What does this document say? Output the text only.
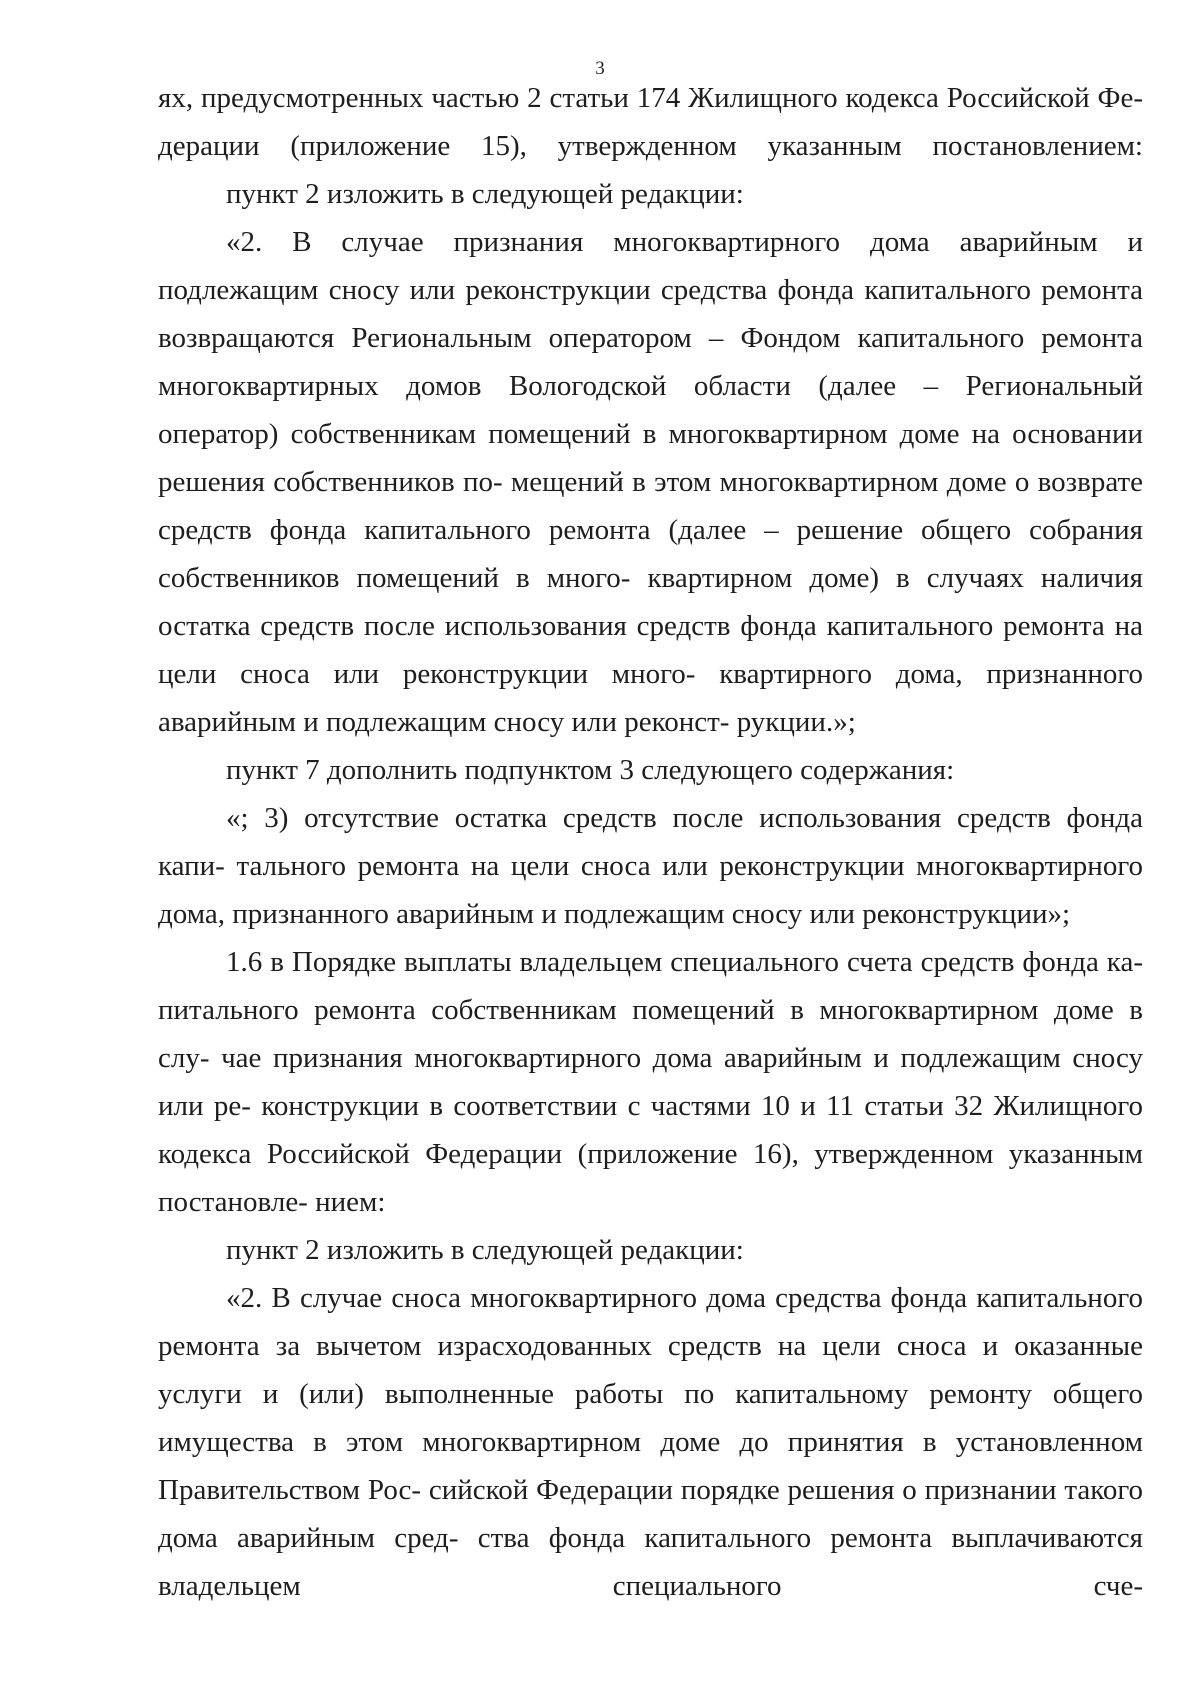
3

ях, предусмотренных частью 2 статьи 174 Жилищного кодекса Российской Фе- дерации (приложение 15), утвержденном указанным постановлением:

пункт 2 изложить в следующей редакции:

«2. В случае признания многоквартирного дома аварийным и подлежащим сносу или реконструкции средства фонда капитального ремонта возвращаются Региональным оператором – Фондом капитального ремонта многоквартирных домов Вологодской области (далее – Региональный оператор) собственникам помещений в многоквартирном доме на основании решения собственников по- мещений в этом многоквартирном доме о возврате средств фонда капитального ремонта (далее – решение общего собрания собственников помещений в много- квартирном доме) в случаях наличия остатка средств после использования средств фонда капитального ремонта на цели сноса или реконструкции много- квартирного дома, признанного аварийным и подлежащим сносу или реконст- рукции.»;

пункт 7 дополнить подпунктом 3 следующего содержания:

«; 3) отсутствие остатка средств после использования средств фонда капи- тального ремонта на цели сноса или реконструкции многоквартирного дома, признанного аварийным и подлежащим сносу или реконструкции»;

1.6 в Порядке выплаты владельцем специального счета средств фонда ка- питального ремонта собственникам помещений в многоквартирном доме в слу- чае признания многоквартирного дома аварийным и подлежащим сносу или ре- конструкции в соответствии с частями 10 и 11 статьи 32 Жилищного кодекса Российской Федерации (приложение 16), утвержденном указанным постановле- нием:

пункт 2 изложить в следующей редакции:

«2. В случае сноса многоквартирного дома средства фонда капитального ремонта за вычетом израсходованных средств на цели сноса и оказанные услуги и (или) выполненные работы по капитальному ремонту общего имущества в этом многоквартирном доме до принятия в установленном Правительством Рос- сийской Федерации порядке решения о признании такого дома аварийным сред- ства фонда капитального ремонта выплачиваются владельцем специального сче-
